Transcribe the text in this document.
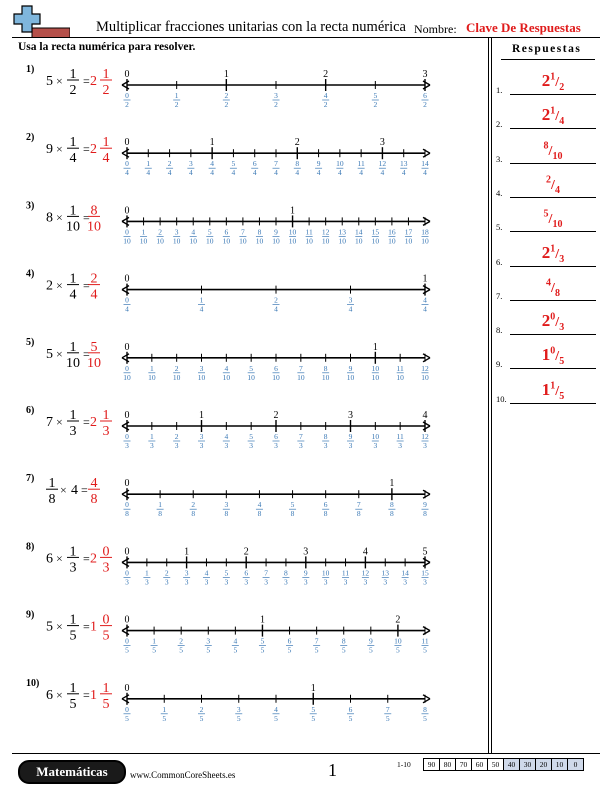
Multiplicar fracciones unitarias con la recta numérica Nombre: Clave De Respuestas
Usa la recta numérica para resolver.	Respuestas
1.	$2^1/_2$
2.	$2^1/_4$
3.
$^8/_{10}$
4.
$^2/_4$
5.
$^5/_{10}$
6.	$2^1/_3$
7.
$^4/_8$
8.	$2^0/_3$
9.	$1^0/_5$
10.	$1^1/_5$
1)
5 × 1
2
= 2 1
2
0
0
2
1
2
1
2
2
3
2
2
4
2
5
2
3
6
2
2)
9 × 1
4
= 2 1
4
0
0
4
1
4
2
4
3
4
1
4
4
5
4
6
4
7
4
2
8
4
9
4
10
4
11
4
3
12
4
13
4
14
4
3)
8 × 1
10
= 8
10
0
0
10
1
10
2
10
3
10
4
10
5
10
6
10
7
10
8
10
9
10
1
10
10
11
10
12
10
13
10
14
10
15
10
16
10
17
10
18
10
4)
2 × 1
4
= 2
4
0
0
4
1
4
2
4
3
4
1
4
4
5)
5 × 1
10
= 5
10
0
0
10
1
10
2
10
3
10
4
10
5
10
6
10
7
10
8
10
9
10
1
10
10
11
10
12
10
6)
7 × 1
3
= 2 1
3
0
0
3
1
3
2
3
1
3
3
4
3
5
3
2
6
3
7
3
8
3
3
9
3
10
3
11
3
4
12
3
7) 1
8
× 4 = 4
8
0
0
8
1
8
2
8
3
8
4
8
5
8
6
8
7
8
1
8
8
9
8
8)
6 × 1
3
= 2 0
3
0
0
3
1
3
2
3
1
3
3
4
3
5
3
2
6
3
7
3
8
3
3
9
3
10
3
11
3
4
12
3
13
3
14
3
5
15
3
9)
5 × 1
5
= 1 0
5
0
0
5
1
5
2
5
3
5
4
5
1
5
5
6
5
7
5
8
5
9
5
2
10
5
11
5
10)
6 × 1
5
= 1 1
5
0
0
5
1
5
2
5
3
5
4
5
1
5
5
6
5
7
5
8
5
Matemáticas	www.CommonCoreSheets.es	1	1-10 90	80	70	60	50	40	30	20	10	0
